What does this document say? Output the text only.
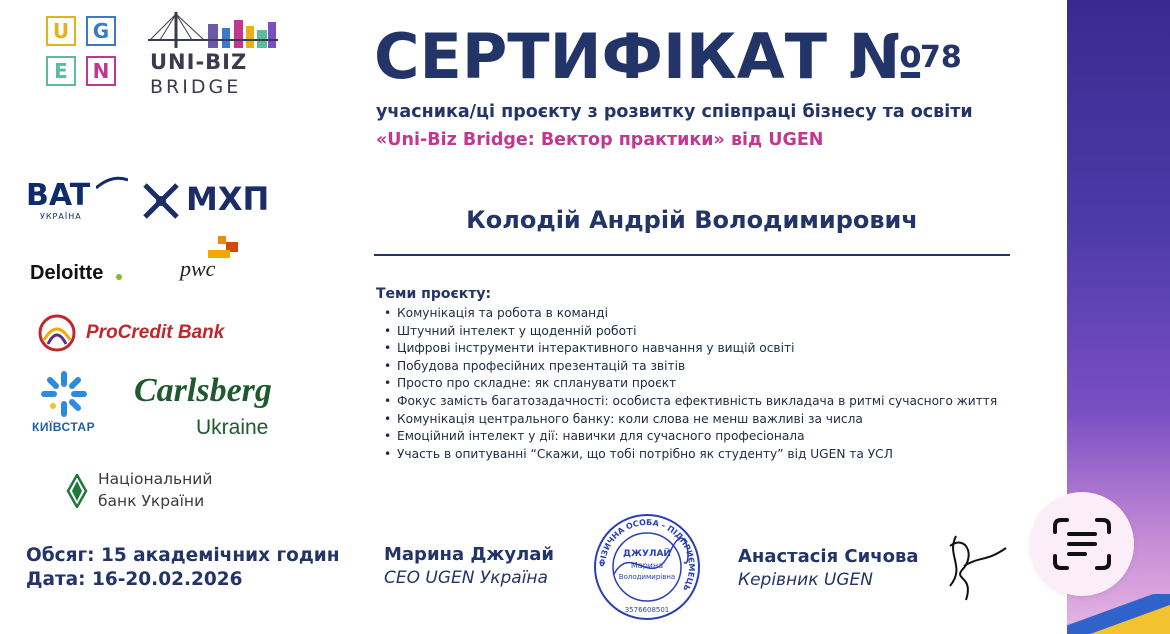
U	G
E	N	UNI-BIZ
BRIDGE СЕРТИФІКАТ №
78
учасника/ці проєкту з розвитку співпраці бізнесу та освіти
«Uni-Biz Bridge: Вектор практики» від UGEN
Колодій Андрій Володимирович
Теми проєкту:
• Комунікація та робота в команді
• Штучний інтелект у щоденній роботі
• Цифрові інструменти інтерактивного навчання у вищій освіті
• Побудова професійних презентацій та звітів
• Просто про складне: як спланувати проєкт
• Фокус замість багатозадачності: особиста ефективність викладача в ритмі сучасного життя
• Комунікація центрального банку: коли слова не менш важливі за числа
• Емоційний інтелект у дії: навички для сучасного професіонала
• Участь в опитуванні “Скажи, що тобі потрібно як студенту” від UGEN та УСЛ
BAT
УКРАЇНА	МХП
Deloitte	pwc
ProCredit Bank
КИЇВСТАР
Carlsberg
Ukraine
Національний
банк України
Обсяг: 15 академічних годин
Дата: 16-20.02.2026
Марина Джулай
CEO UGEN Україна
ФІЗИЧНА ОСОБА - ПІДПРИЄМЕЦЬ
ДЖУЛАЙ
Марина
Володимирівна
3576608501
Анастасія Сичова
Керівник UGEN
